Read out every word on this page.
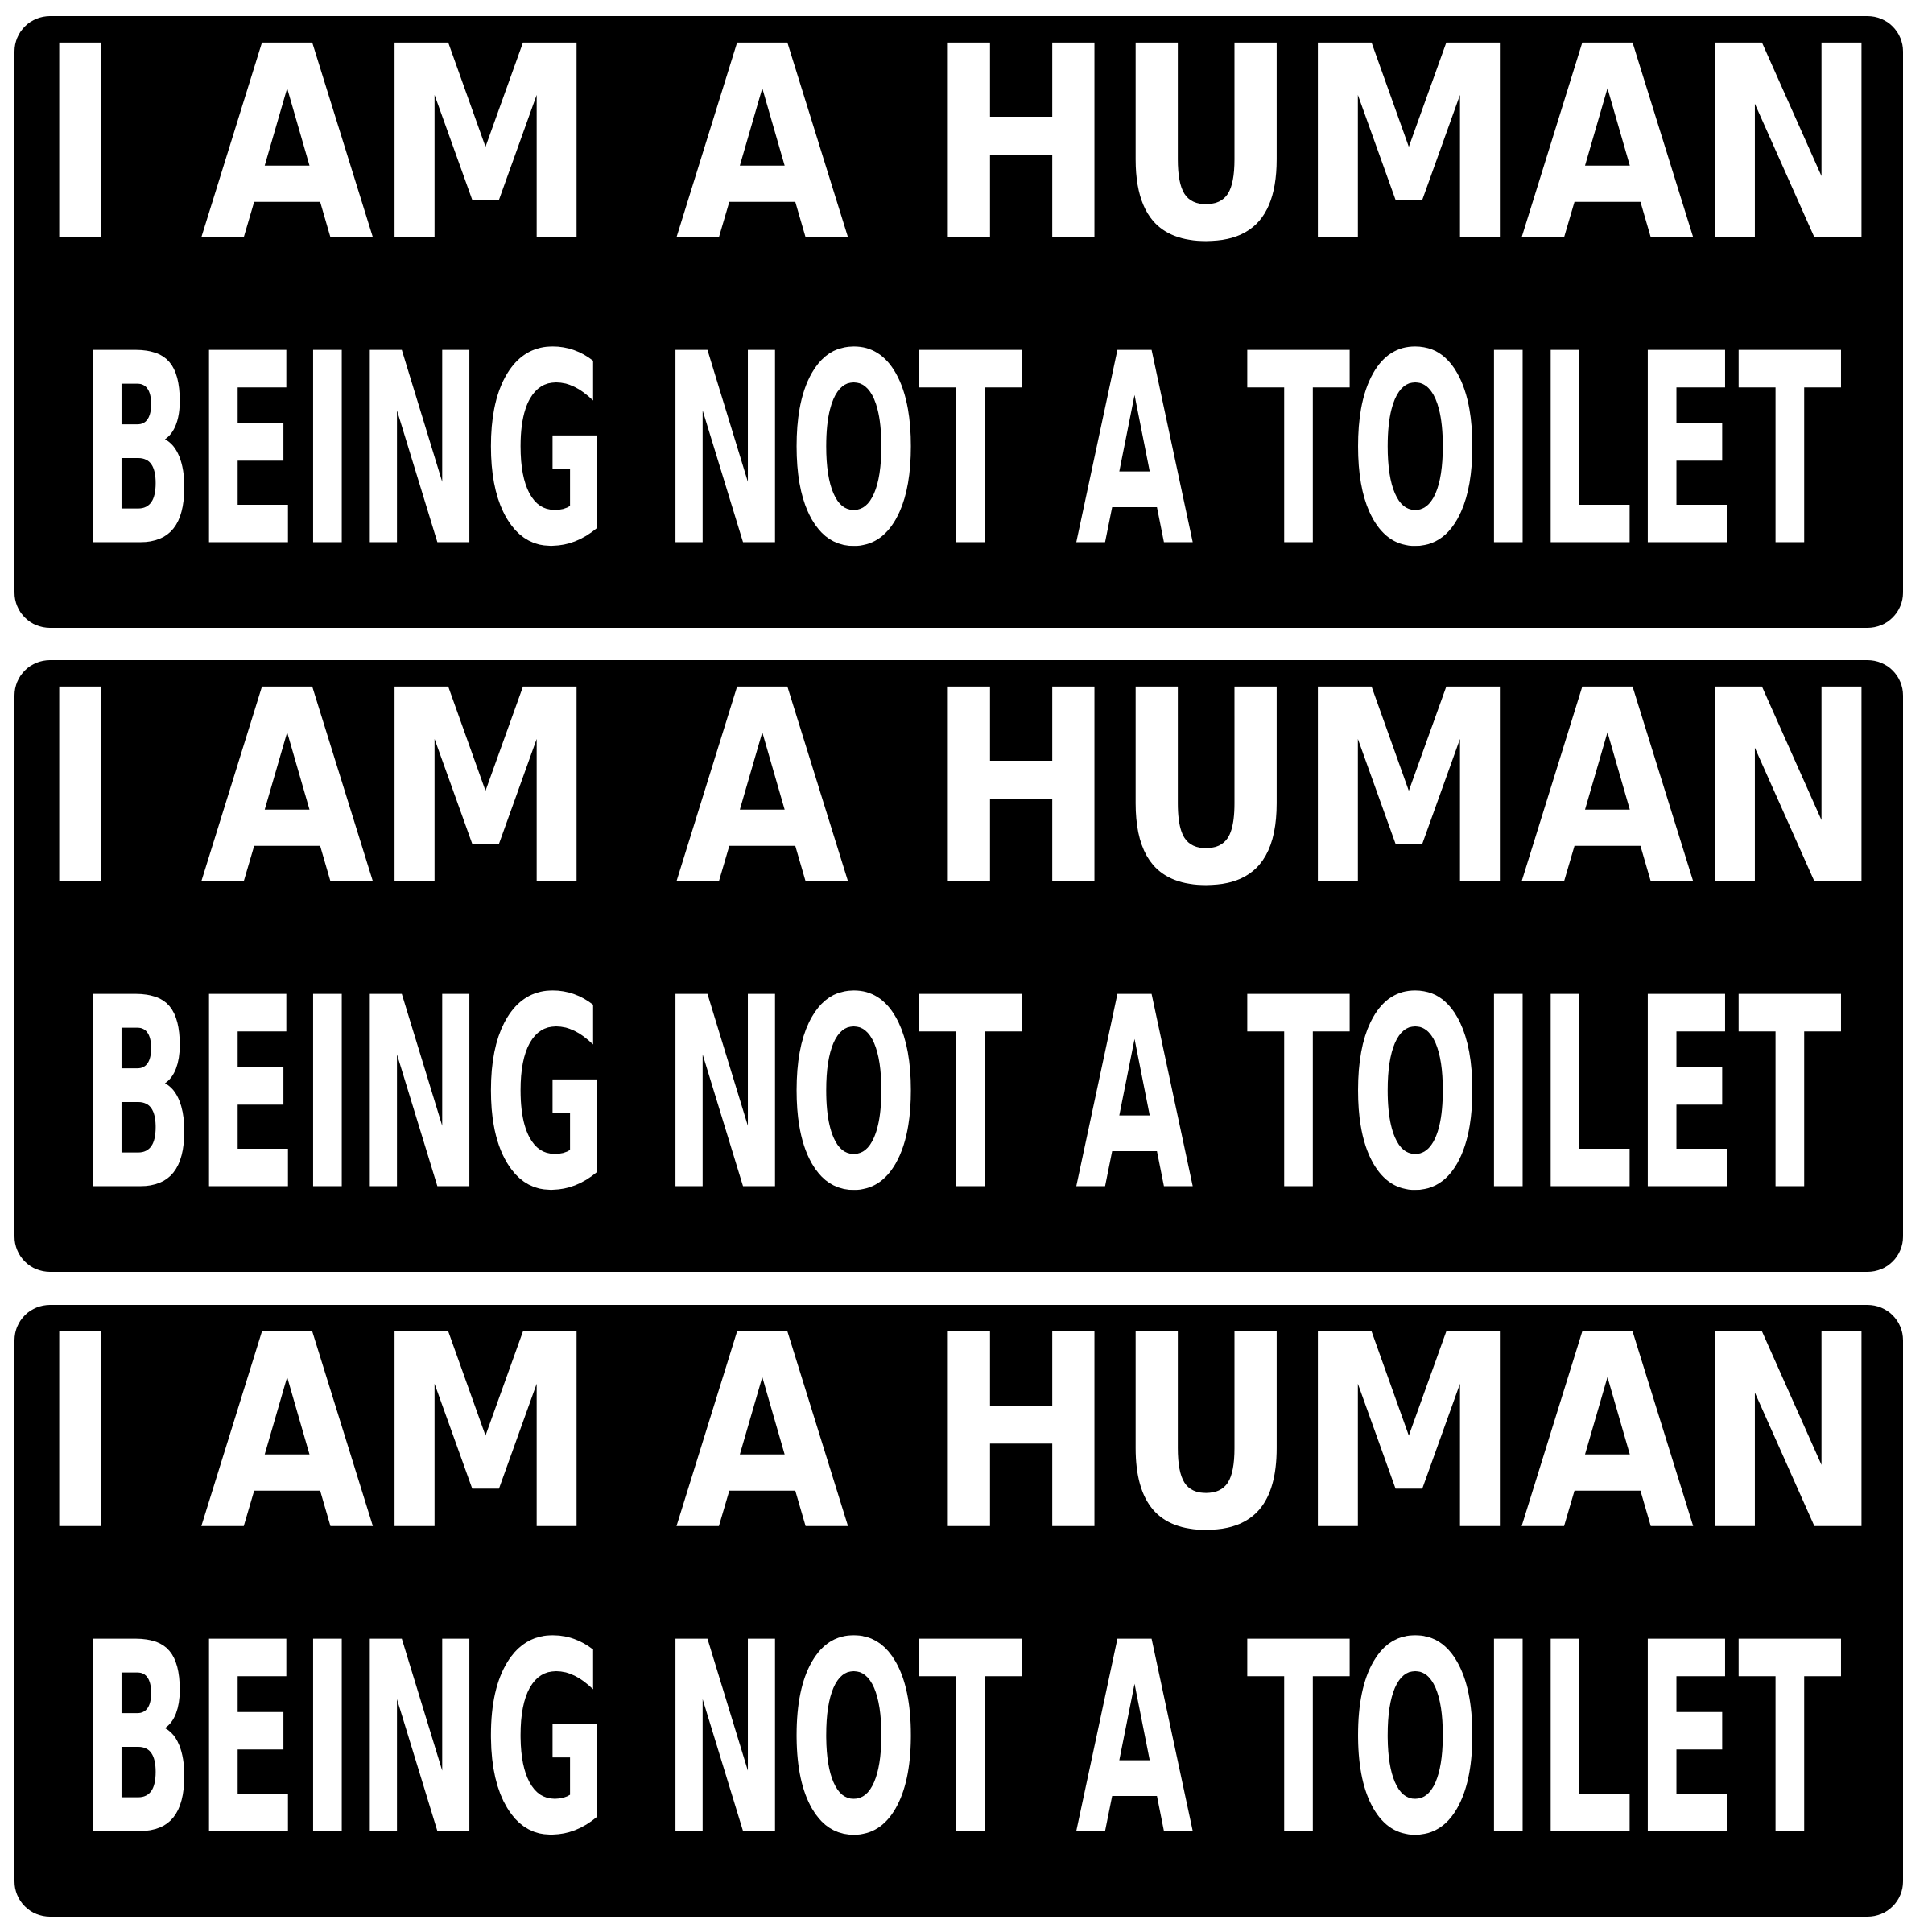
I AM A HUMAN
BEING NOT A TOILET
I AM A HUMAN
BEING NOT A TOILET
I AM A HUMAN
BEING NOT A TOILET
